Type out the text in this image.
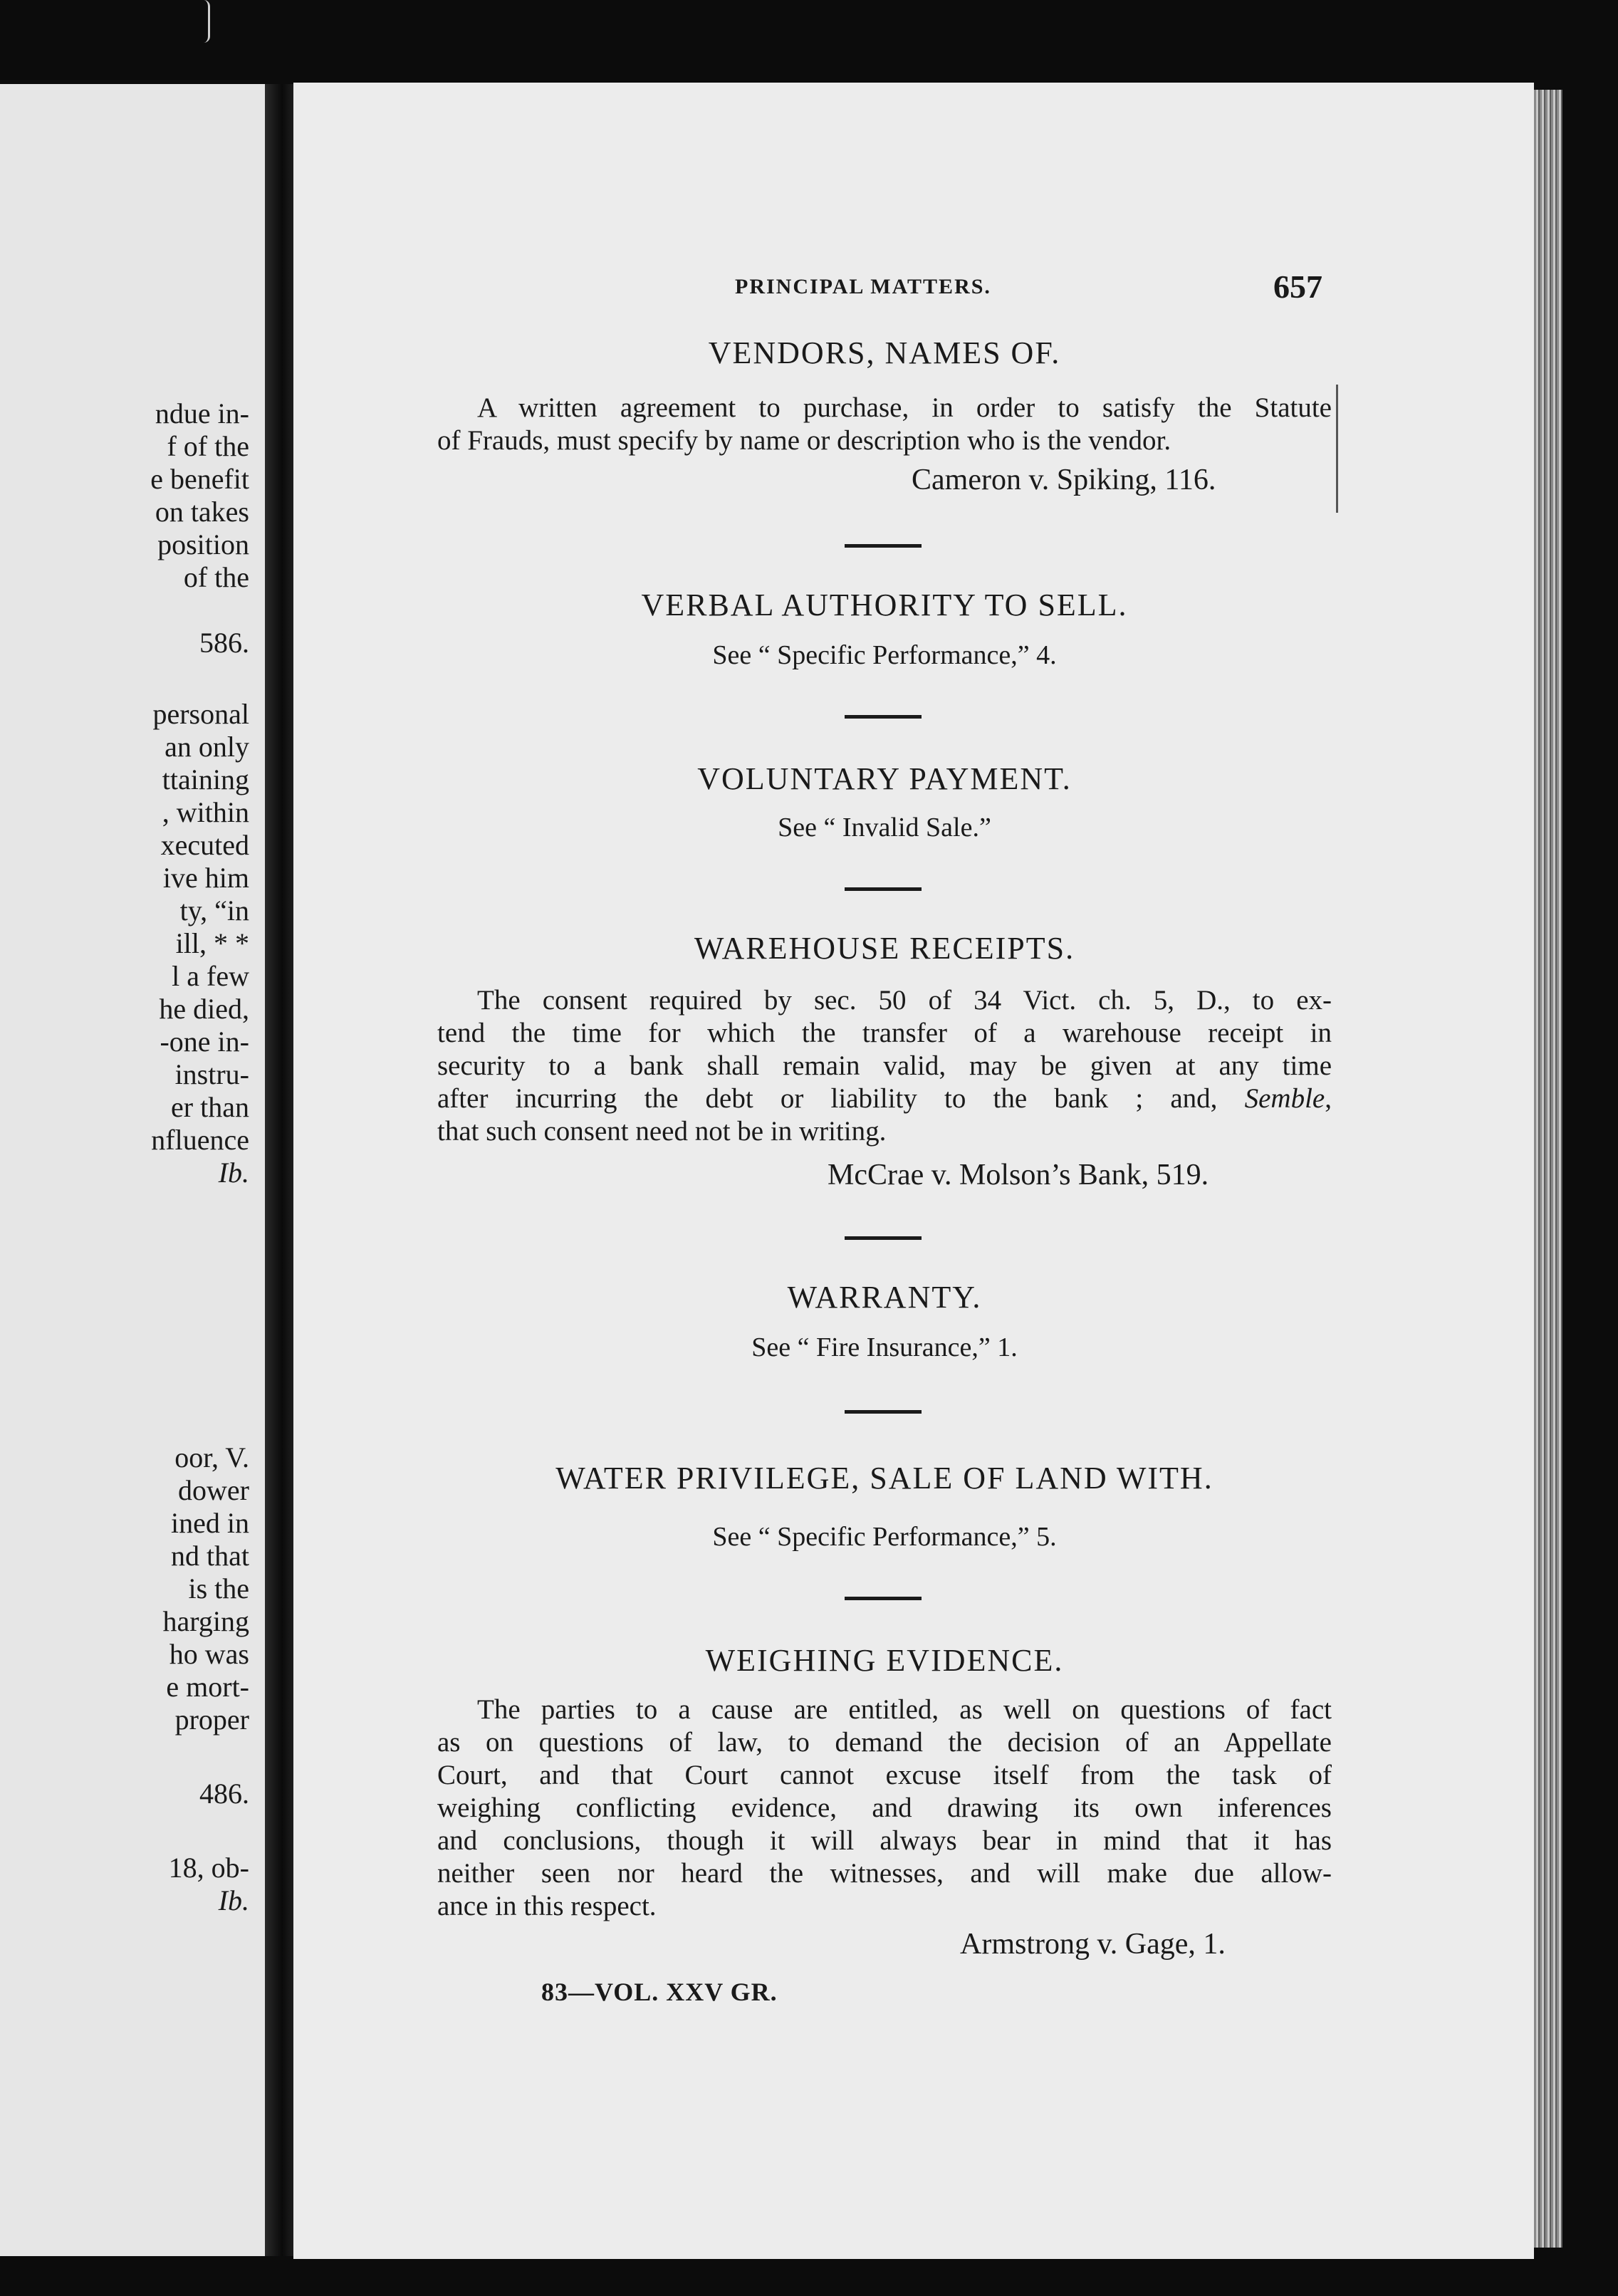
ndue in-
f of the
e benefit
on takes
position
of the
586.
personal
an only
ttaining
, within
xecuted
ive him
ty, “in
ill, * *
l a few
he died,
-one in-
instru-
er than
nfluence
Ib.
oor, V.
dower
ined in
nd that
is the
harging
ho was
e mort-
proper
486.
18, ob-
Ib.
PRINCIPAL MATTERS.	657
VENDORS, NAMES OF.
A written agreement to purchase, in order to satisfy the Statute
of Frauds, must specify by name or description who is the vendor.
Cameron v. Spiking, 116.
VERBAL AUTHORITY TO SELL.
See “ Specific Performance,” 4.
VOLUNTARY PAYMENT.
See “ Invalid Sale.”
WAREHOUSE RECEIPTS.
The consent required by sec. 50 of 34 Vict. ch. 5, D., to ex-
tend the time for which the transfer of a warehouse receipt in
security to a bank shall remain valid, may be given at any time
after incurring the debt or liability to the bank ; and, Semble,
that such consent need not be in writing.
McCrae v. Molson’s Bank, 519.
WARRANTY.
See “ Fire Insurance,” 1.
WATER PRIVILEGE, SALE OF LAND WITH.
See “ Specific Performance,” 5.
WEIGHING EVIDENCE.
The parties to a cause are entitled, as well on questions of fact
as on questions of law, to demand the decision of an Appellate
Court, and that Court cannot excuse itself from the task of
weighing conflicting evidence, and drawing its own inferences
and conclusions, though it will always bear in mind that it has
neither seen nor heard the witnesses, and will make due allow-
ance in this respect.
Armstrong v. Gage, 1.
83—VOL. XXV GR.
